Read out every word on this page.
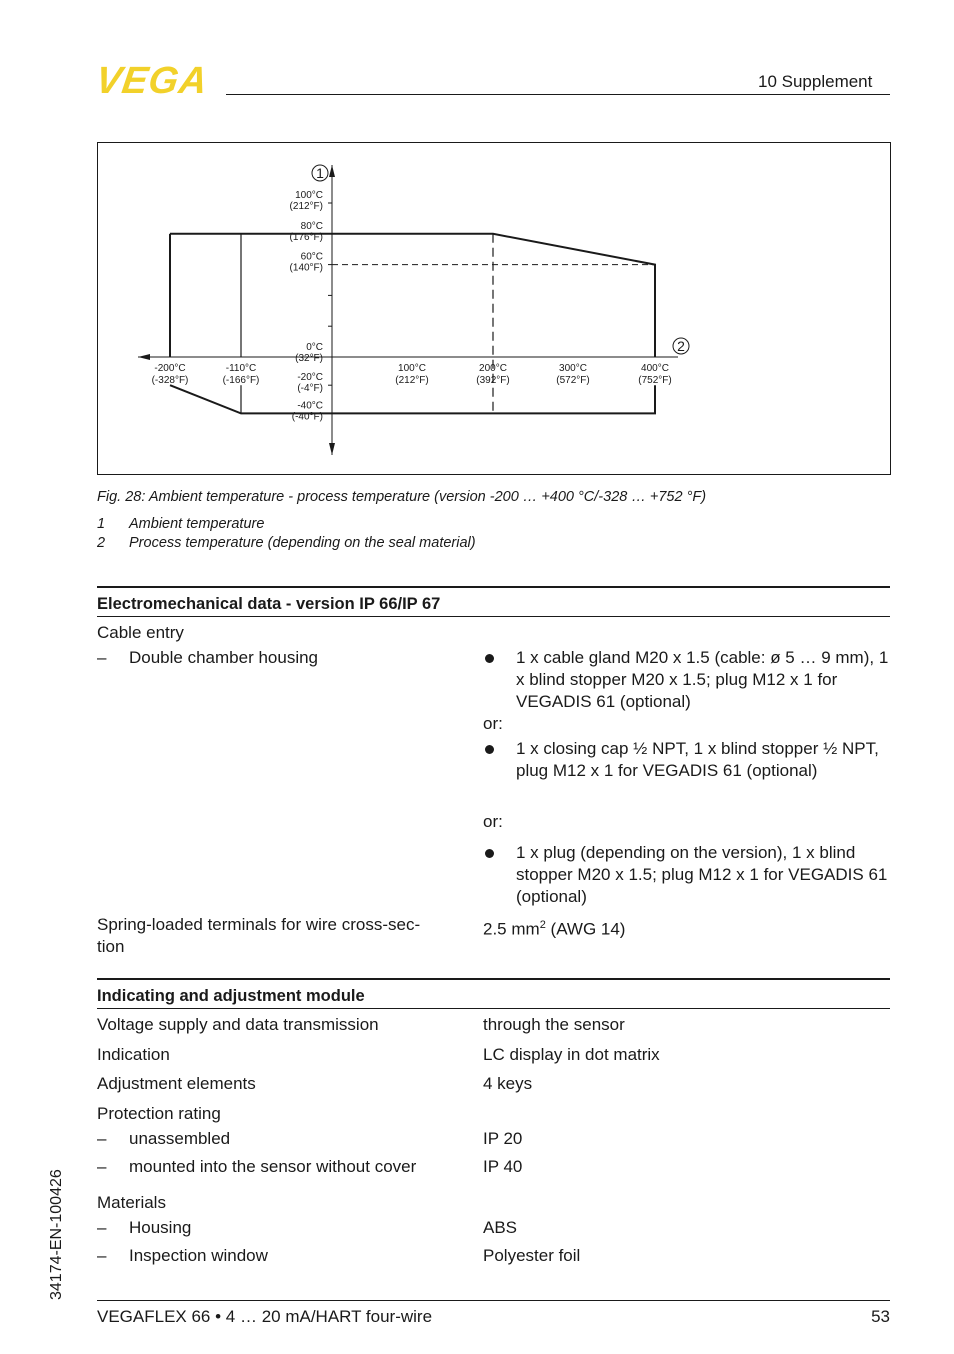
VEGA	10 Supplement
-200°C
(-328°F)
-110°C
(-166°F)
100°C
(212°F)
200°C
(392°F)
300°C
(572°F)
400°C
(752°F)
100°C
(212°F)
80°C
(176°F)
60°C
(140°F)
0°C
(32°F)
-20°C
(-4°F)
-40°C
(-40°F)
1
2
Fig. 28: Ambient temperature - process temperature (version -200 … +400 °C/-328 … +752 °F)
1 Ambient temperature
2 Process temperature (depending on the seal material)
Electromechanical data - version IP 66/IP 67
Cable entry
– Double chamber housing	1 x cable gland M20 x 1.5 (cable: ø 5 … 9 mm), 1 x blind stopper M20 x 1.5; plug M12 x 1 for VEGADIS 61 (optional)
or:
1 x closing cap ½ NPT, 1 x blind stopper ½ NPT, plug M12 x 1 for VEGADIS 61 (optional)
or:
1 x plug (depending on the version), 1 x blind stopper M20 x 1.5; plug M12 x 1 for VEGADIS 61 (optional)
Spring-loaded terminals for wire cross-sec-
tion
2.5 $mm^2$ (AWG 14)
Indicating and adjustment module
Voltage supply and data transmission	through the sensor
Indication	LC display in dot matrix
Adjustment elements	4 keys
Protection rating
– unassembled	IP 20
– mounted into the sensor without cover	IP 40
Materials
– Housing	ABS
– Inspection window	Polyester foil
34174-EN-100426
VEGAFLEX 66 • 4 … 20 mA/HART four-wire	53
